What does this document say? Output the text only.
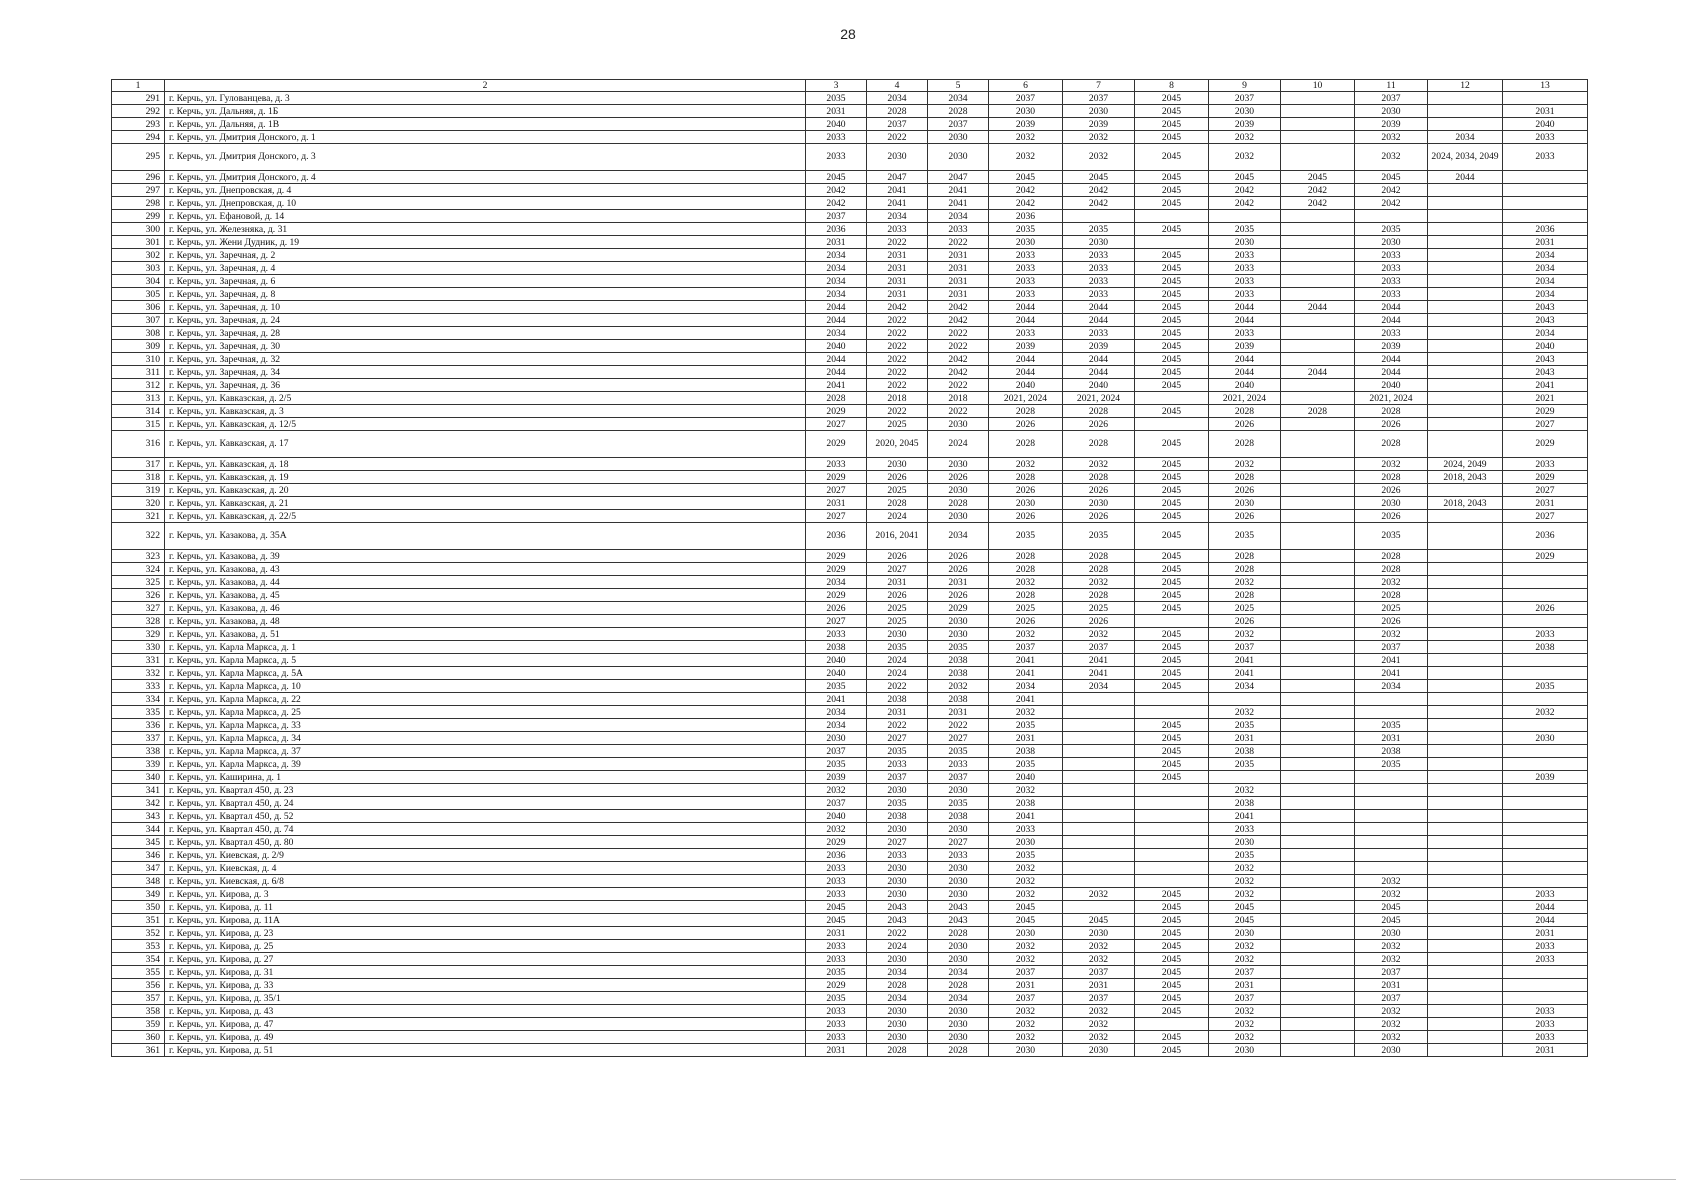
28
1	2	3	4	5	6	7	8	9	10	11	12	13
291	г. Керчь, ул. Гулованцева, д. 3	2035	2034	2034	2037	2037	2045	2037		2037		
292	г. Керчь, ул. Дальняя, д. 1Б	2031	2028	2028	2030	2030	2045	2030		2030		2031
293	г. Керчь, ул. Дальняя, д. 1В	2040	2037	2037	2039	2039	2045	2039		2039		2040
294	г. Керчь, ул. Дмитрия Донского, д. 1	2033	2022	2030	2032	2032	2045	2032		2032	2034	2033
295	г. Керчь, ул. Дмитрия Донского, д. 3	2033	2030	2030	2032	2032	2045	2032		2032	2024, 2034, 2049	2033
296	г. Керчь, ул. Дмитрия Донского, д. 4	2045	2047	2047	2045	2045	2045	2045	2045	2045	2044	
297	г. Керчь, ул. Днепровская, д. 4	2042	2041	2041	2042	2042	2045	2042	2042	2042		
298	г. Керчь, ул. Днепровская, д. 10	2042	2041	2041	2042	2042	2045	2042	2042	2042		
299	г. Керчь, ул. Ефановой, д. 14	2037	2034	2034	2036							
300	г. Керчь, ул. Железняка, д. 31	2036	2033	2033	2035	2035	2045	2035		2035		2036
301	г. Керчь, ул. Жени Дудник, д. 19	2031	2022	2022	2030	2030		2030		2030		2031
302	г. Керчь, ул. Заречная, д. 2	2034	2031	2031	2033	2033	2045	2033		2033		2034
303	г. Керчь, ул. Заречная, д. 4	2034	2031	2031	2033	2033	2045	2033		2033		2034
304	г. Керчь, ул. Заречная, д. 6	2034	2031	2031	2033	2033	2045	2033		2033		2034
305	г. Керчь, ул. Заречная, д. 8	2034	2031	2031	2033	2033	2045	2033		2033		2034
306	г. Керчь, ул. Заречная, д. 10	2044	2042	2042	2044	2044	2045	2044	2044	2044		2043
307	г. Керчь, ул. Заречная, д. 24	2044	2022	2042	2044	2044	2045	2044		2044		2043
308	г. Керчь, ул. Заречная, д. 28	2034	2022	2022	2033	2033	2045	2033		2033		2034
309	г. Керчь, ул. Заречная, д. 30	2040	2022	2022	2039	2039	2045	2039		2039		2040
310	г. Керчь, ул. Заречная, д. 32	2044	2022	2042	2044	2044	2045	2044		2044		2043
311	г. Керчь, ул. Заречная, д. 34	2044	2022	2042	2044	2044	2045	2044	2044	2044		2043
312	г. Керчь, ул. Заречная, д. 36	2041	2022	2022	2040	2040	2045	2040		2040		2041
313	г. Керчь, ул. Кавказская, д. 2/5	2028	2018	2018	2021, 2024	2021, 2024		2021, 2024		2021, 2024		2021
314	г. Керчь, ул. Кавказская, д. 3	2029	2022	2022	2028	2028	2045	2028	2028	2028		2029
315	г. Керчь, ул. Кавказская, д. 12/5	2027	2025	2030	2026	2026		2026		2026		2027
316	г. Керчь, ул. Кавказская, д. 17	2029	2020, 2045	2024	2028	2028	2045	2028		2028		2029
317	г. Керчь, ул. Кавказская, д. 18	2033	2030	2030	2032	2032	2045	2032		2032	2024, 2049	2033
318	г. Керчь, ул. Кавказская, д. 19	2029	2026	2026	2028	2028	2045	2028		2028	2018, 2043	2029
319	г. Керчь, ул. Кавказская, д. 20	2027	2025	2030	2026	2026	2045	2026		2026		2027
320	г. Керчь, ул. Кавказская, д. 21	2031	2028	2028	2030	2030	2045	2030		2030	2018, 2043	2031
321	г. Керчь, ул. Кавказская, д. 22/5	2027	2024	2030	2026	2026	2045	2026		2026		2027
322	г. Керчь, ул. Казакова, д. 35А	2036	2016, 2041	2034	2035	2035	2045	2035		2035		2036
323	г. Керчь, ул. Казакова, д. 39	2029	2026	2026	2028	2028	2045	2028		2028		2029
324	г. Керчь, ул. Казакова, д. 43	2029	2027	2026	2028	2028	2045	2028		2028		
325	г. Керчь, ул. Казакова, д. 44	2034	2031	2031	2032	2032	2045	2032		2032		
326	г. Керчь, ул. Казакова, д. 45	2029	2026	2026	2028	2028	2045	2028		2028		
327	г. Керчь, ул. Казакова, д. 46	2026	2025	2029	2025	2025	2045	2025		2025		2026
328	г. Керчь, ул. Казакова, д. 48	2027	2025	2030	2026	2026		2026		2026		
329	г. Керчь, ул. Казакова, д. 51	2033	2030	2030	2032	2032	2045	2032		2032		2033
330	г. Керчь, ул. Карла Маркса, д. 1	2038	2035	2035	2037	2037	2045	2037		2037		2038
331	г. Керчь, ул. Карла Маркса, д. 5	2040	2024	2038	2041	2041	2045	2041		2041		
332	г. Керчь, ул. Карла Маркса, д. 5А	2040	2024	2038	2041	2041	2045	2041		2041		
333	г. Керчь, ул. Карла Маркса, д. 10	2035	2022	2032	2034	2034	2045	2034		2034		2035
334	г. Керчь, ул. Карла Маркса, д. 22	2041	2038	2038	2041							
335	г. Керчь, ул. Карла Маркса, д. 25	2034	2031	2031	2032			2032				2032
336	г. Керчь, ул. Карла Маркса, д. 33	2034	2022	2022	2035		2045	2035		2035		
337	г. Керчь, ул. Карла Маркса, д. 34	2030	2027	2027	2031		2045	2031		2031		2030
338	г. Керчь, ул. Карла Маркса, д. 37	2037	2035	2035	2038		2045	2038		2038		
339	г. Керчь, ул. Карла Маркса, д. 39	2035	2033	2033	2035		2045	2035		2035		
340	г. Керчь, ул. Каширина, д. 1	2039	2037	2037	2040		2045					2039
341	г. Керчь, ул. Квартал 450, д. 23	2032	2030	2030	2032			2032				
342	г. Керчь, ул. Квартал 450, д. 24	2037	2035	2035	2038			2038				
343	г. Керчь, ул. Квартал 450, д. 52	2040	2038	2038	2041			2041				
344	г. Керчь, ул. Квартал 450, д. 74	2032	2030	2030	2033			2033				
345	г. Керчь, ул. Квартал 450, д. 80	2029	2027	2027	2030			2030				
346	г. Керчь, ул. Киевская, д. 2/9	2036	2033	2033	2035			2035				
347	г. Керчь, ул. Киевская, д. 4	2033	2030	2030	2032			2032				
348	г. Керчь, ул. Киевская, д. 6/8	2033	2030	2030	2032			2032		2032		
349	г. Керчь, ул. Кирова, д. 3	2033	2030	2030	2032	2032	2045	2032		2032		2033
350	г. Керчь, ул. Кирова, д. 11	2045	2043	2043	2045		2045	2045		2045		2044
351	г. Керчь, ул. Кирова, д. 11А	2045	2043	2043	2045	2045	2045	2045		2045		2044
352	г. Керчь, ул. Кирова, д. 23	2031	2022	2028	2030	2030	2045	2030		2030		2031
353	г. Керчь, ул. Кирова, д. 25	2033	2024	2030	2032	2032	2045	2032		2032		2033
354	г. Керчь, ул. Кирова, д. 27	2033	2030	2030	2032	2032	2045	2032		2032		2033
355	г. Керчь, ул. Кирова, д. 31	2035	2034	2034	2037	2037	2045	2037		2037		
356	г. Керчь, ул. Кирова, д. 33	2029	2028	2028	2031	2031	2045	2031		2031		
357	г. Керчь, ул. Кирова, д. 35/1	2035	2034	2034	2037	2037	2045	2037		2037		
358	г. Керчь, ул. Кирова, д. 43	2033	2030	2030	2032	2032	2045	2032		2032		2033
359	г. Керчь, ул. Кирова, д. 47	2033	2030	2030	2032	2032		2032		2032		2033
360	г. Керчь, ул. Кирова, д. 49	2033	2030	2030	2032	2032	2045	2032		2032		2033
361	г. Керчь, ул. Кирова, д. 51	2031	2028	2028	2030	2030	2045	2030		2030		2031
